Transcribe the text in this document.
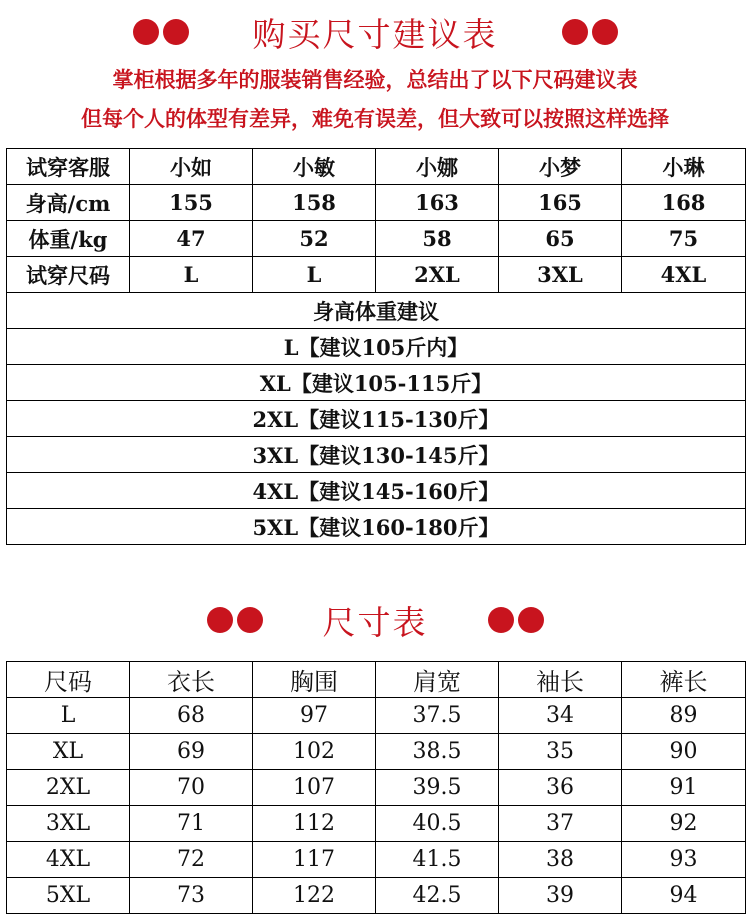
购买尺寸建议表
掌柜根据多年的服装销售经验，总结出了以下尺码建议表
但每个人的体型有差异，难免有误差，但大致可以按照这样选择
试穿客服	小如	小敏	小娜	小梦	小琳
身高/cm	155	158	163	165	168
体重/kg	47	52	58	65	75
试穿尺码	L	L	2XL	3XL	4XL
身高体重建议					
L【建议105斤内】					
XL【建议105-115斤】					
2XL【建议115-130斤】					
3XL【建议130-145斤】					
4XL【建议145-160斤】					
5XL【建议160-180斤】					
尺寸表
尺码	衣长	胸围	肩宽	袖长	裤长
L	68	97	37.5	34	89
XL	69	102	38.5	35	90
2XL	70	107	39.5	36	91
3XL	71	112	40.5	37	92
4XL	72	117	41.5	38	93
5XL	73	122	42.5	39	94
